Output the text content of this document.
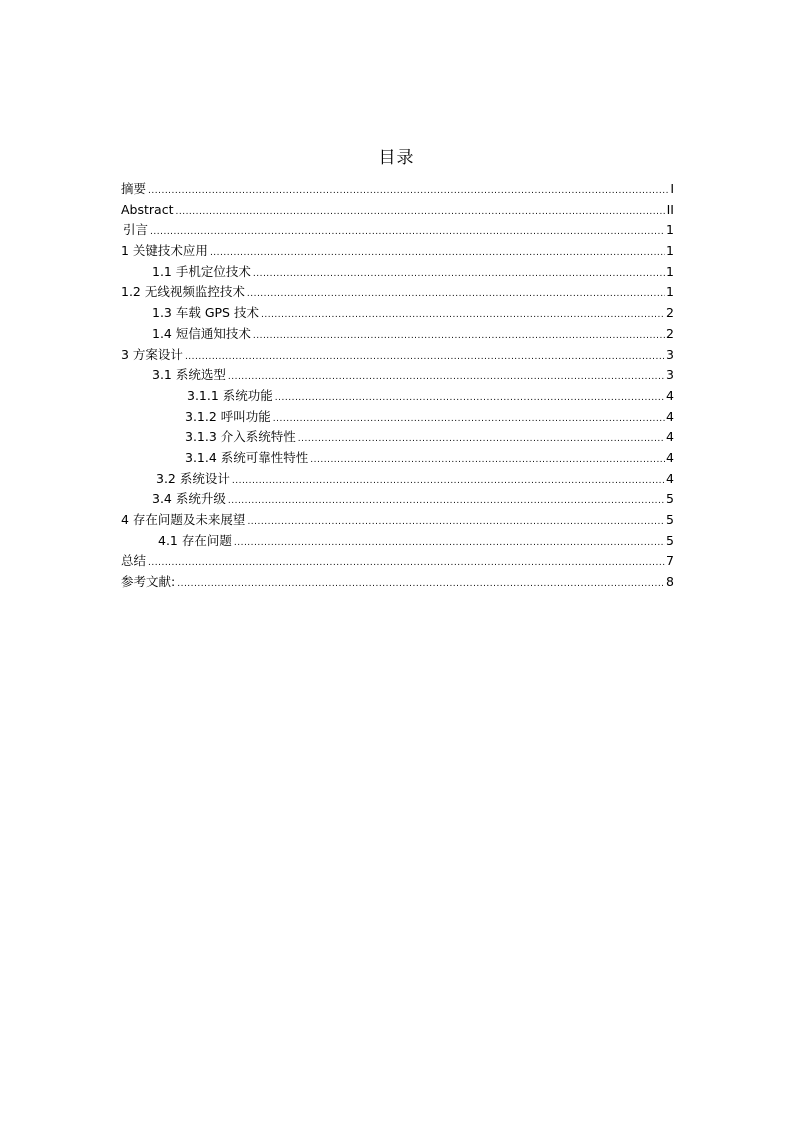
目录
摘要 .....	I
Abstract .....	II
引言 .....	1
1 关键技术应用 .....	1
1.1 手机定位技术 .....	1
1.2 无线视频监控技术 .....	1
1.3 车载 GPS 技术 .....	2
1.4 短信通知技术 .....	2
3 方案设计 .....	3
3.1 系统选型 .....	3
3.1.1 系统功能 .....	4
3.1.2 呼叫功能 .....	4
3.1.3 介入系统特性 .....	4
3.1.4 系统可靠性特性 .....	4
3.2 系统设计 .....	4
3.4 系统升级 .....	5
4 存在问题及未来展望 .....	5
4.1 存在问题 .....	5
总结 .....	7
参考文献: .....	8
